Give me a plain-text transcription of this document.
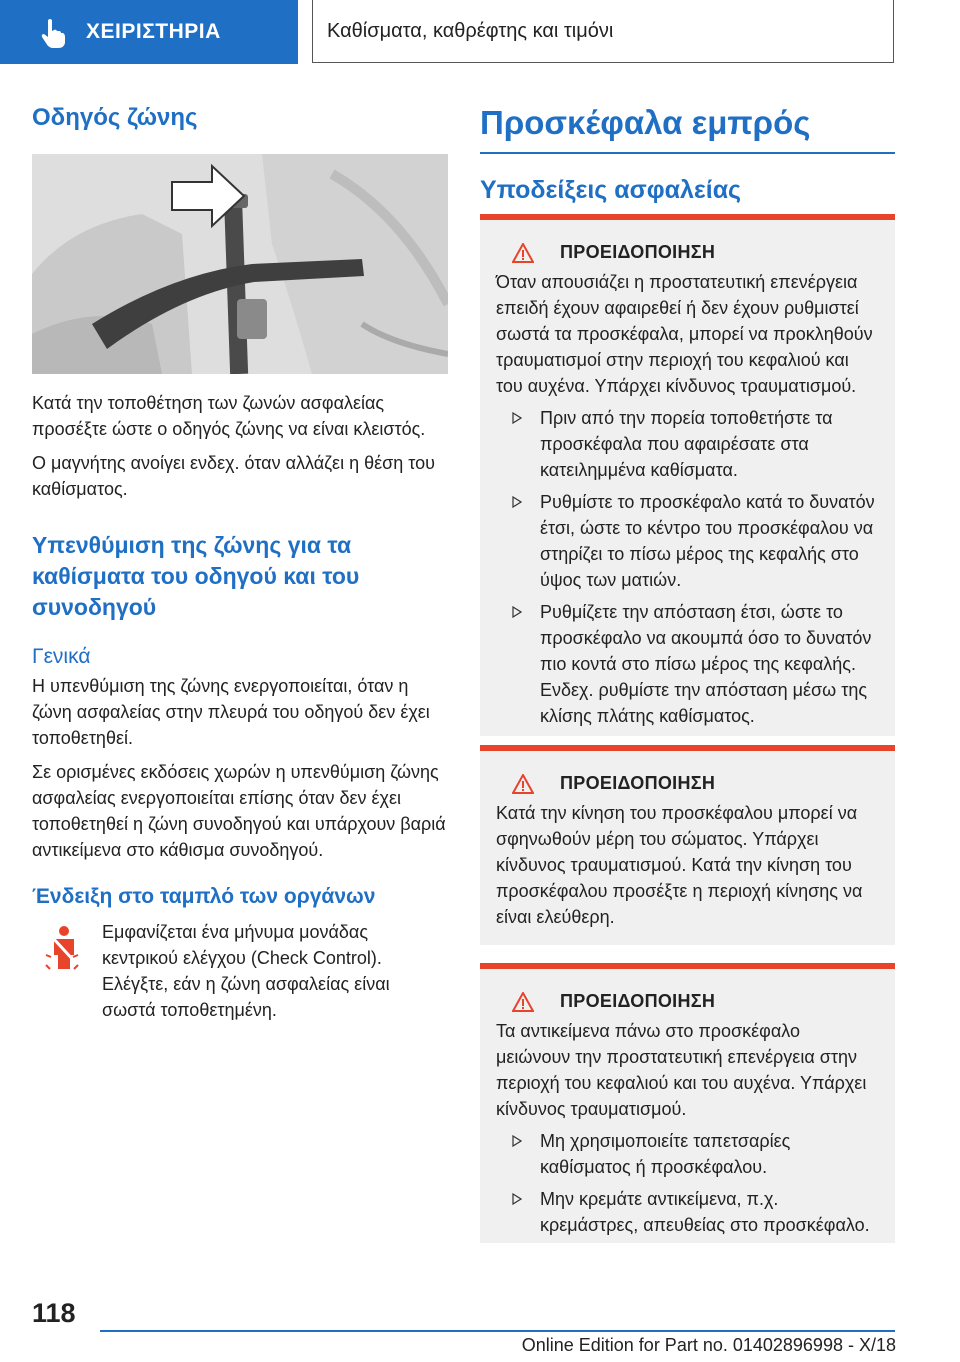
ΧΕΙΡΙΣΤΗΡΙΑ	Καθίσματα, καθρέφτης και τιμόνι
Οδηγός ζώνης

Κατά την τοποθέτηση των ζωνών ασφαλείας προσέξτε ώστε ο οδηγός ζώνης να είναι κλειστός.

Ο μαγνήτης ανοίγει ενδεχ. όταν αλλάζει η θέση του καθίσματος.

Υπενθύμιση της ζώνης για τα καθίσματα του οδηγού και του συνοδηγού
Γενικά

Η υπενθύμιση της ζώνης ενεργοποιείται, όταν η ζώνη ασφαλείας στην πλευρά του οδηγού δεν έχει τοποθετηθεί.

Σε ορισμένες εκδόσεις χωρών η υπενθύμιση ζώνης ασφαλείας ενεργοποιείται επίσης όταν δεν έχει τοποθετηθεί η ζώνη συνοδηγού και υπάρχουν βαριά αντικείμενα στο κάθισμα συνοδηγού.

Ένδειξη στο ταμπλό των οργάνων

Εμφανίζεται ένα μήνυμα μονάδας κεντρικού ελέγχου (Check Control). Ελέγξτε, εάν η ζώνη ασφαλείας είναι σωστά τοποθετημένη.

Προσκέφαλα εμπρός
Υποδείξεις ασφαλείας
ΠΡΟΕΙΔΟΠΟΙΗΣΗ

Όταν απουσιάζει η προστατευτική επενέργεια επειδή έχουν αφαιρεθεί ή δεν έχουν ρυθμιστεί σωστά τα προσκέφαλα, μπορεί να προκληθούν τραυματισμοί στην περιοχή του κεφαλιού και του αυχένα. Υπάρχει κίνδυνος τραυματισμού.

Πριν από την πορεία τοποθετήστε τα προσκέφαλα που αφαιρέσατε στα κατειλημμένα καθίσματα.

Ρυθμίστε το προσκέφαλο κατά το δυνατόν έτσι, ώστε το κέντρο του προσκέφαλου να στηρίζει το πίσω μέρος της κεφαλής στο ύψος των ματιών.

Ρυθμίζετε την απόσταση έτσι, ώστε το προσκέφαλο να ακουμπά όσο το δυνατόν πιο κοντά στο πίσω μέρος της κεφαλής. Ενδεχ. ρυθμίστε την απόσταση μέσω της κλίσης πλάτης καθίσματος.

ΠΡΟΕΙΔΟΠΟΙΗΣΗ

Κατά την κίνηση του προσκέφαλου μπορεί να σφηνωθούν μέρη του σώματος. Υπάρχει κίνδυνος τραυματισμού. Κατά την κίνηση του προσκέφαλου προσέξτε η περιοχή κίνησης να είναι ελεύθερη.

ΠΡΟΕΙΔΟΠΟΙΗΣΗ

Τα αντικείμενα πάνω στο προσκέφαλο μειώνουν την προστατευτική επενέργεια στην περιοχή του κεφαλιού και του αυχένα. Υπάρχει κίνδυνος τραυματισμού.

Μη χρησιμοποιείτε ταπετσαρίες καθίσματος ή προσκέφαλου.

Μην κρεμάτε αντικείμενα, π.χ. κρεμάστρες, απευθείας στο προσκέφαλο.

118
Online Edition for Part no. 01402896998 - X/18
